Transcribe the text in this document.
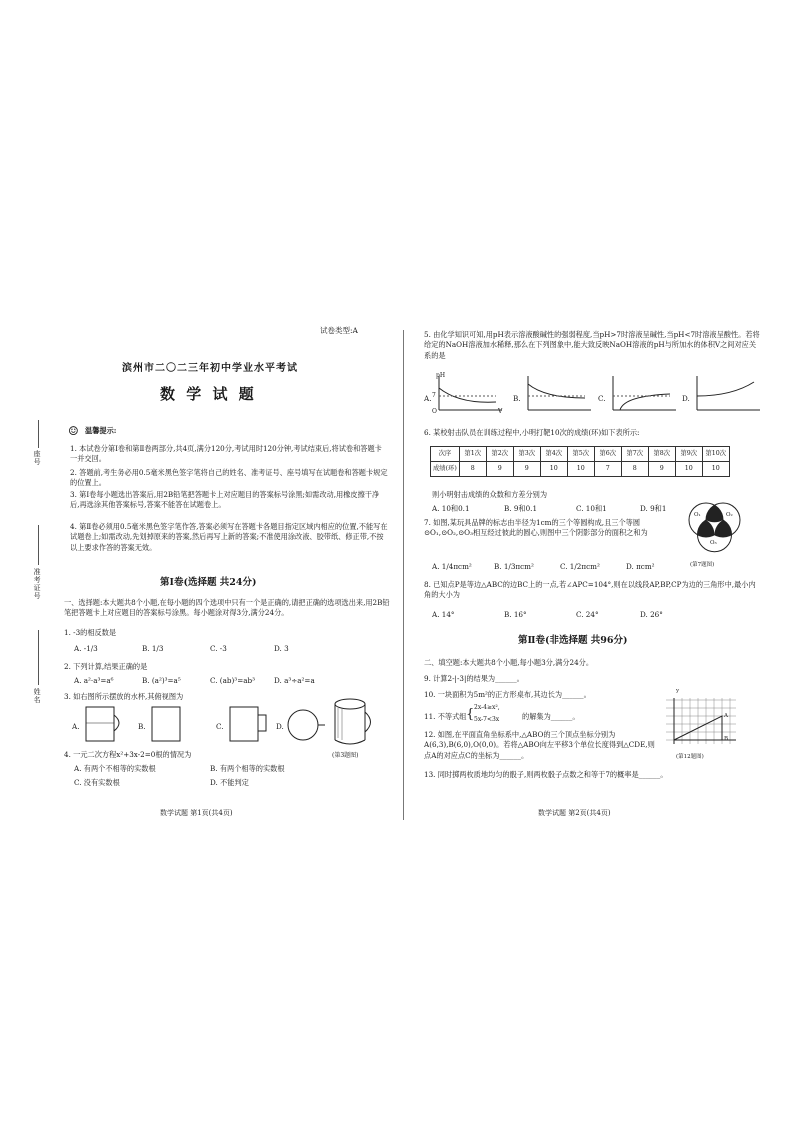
座号
准考证号
姓名
试卷类型:A
滨州市二〇二三年初中学业水平考试
数 学 试 题
☺ 温馨提示:
1. 本试卷分第Ⅰ卷和第Ⅱ卷两部分,共4页,满分120分,考试用时120分钟,考试结束后,将试卷和答题卡一并交回。
2. 答题前,考生务必用0.5毫米黑色签字笔将自己的姓名、准考证号、座号填写在试题卷和答题卡规定的位置上。
3. 第Ⅰ卷每小题选出答案后,用2B铅笔把答题卡上对应题目的答案标号涂黑;如需改动,用橡皮擦干净后,再选涂其他答案标号,答案不能答在试题卷上。
4. 第Ⅱ卷必须用0.5毫米黑色签字笔作答,答案必须写在答题卡各题目指定区域内相应的位置,不能写在试题卷上;如需改动,先划掉原来的答案,然后再写上新的答案;不准使用涂改液、胶带纸、修正带,不按以上要求作答的答案无效。
第Ⅰ卷(选择题 共24分)
一、选择题:本大题共8个小题,在每小题的四个选项中只有一个是正确的,请把正确的选项选出来,用2B铅笔把答题卡上对应题目的答案标号涂黑。每小题涂对得3分,满分24分。
1. -3的相反数是
A. -1/3	B. 1/3	C. -3	D. 3
2. 下列计算,结果正确的是
A. a²·a³=a⁶	B. (a²)³=a⁵	C. (ab)³=ab³	D. a³÷a²=a
3. 如右图所示摆放的水杯,其俯视图为
A.	B.	C.	D.
(第3题图)
4. 一元二次方程x²+3x-2=0根的情况为
A. 有两个不相等的实数根	B. 有两个相等的实数根
C. 没有实数根	D. 不能判定
数学试题 第1页(共4页)
5. 由化学知识可知,用pH表示溶液酸碱性的强弱程度,当pH>7时溶液呈碱性,当pH<7时溶液呈酸性。若将给定的NaOH溶液加水稀释,那么在下列图象中,能大致反映NaOH溶液的pH与所加水的体积V之间对应关系的是
A.	B.	C.	D.
pH
V
7
O
6. 某校射击队员在训练过程中,小明打靶10次的成绩(环)如下表所示:
次序	第1次	第2次	第3次	第4次	第5次	第6次	第7次	第8次	第9次	第10次
成绩(环)	8	9	9	10	10	7	8	9	10	10
则小明射击成绩的众数和方差分别为
A. 10和0.1	B. 9和0.1	C. 10和1	D. 9和1
7. 如图,某玩具品牌的标志由半径为1cm的三个等圆构成,且三个等圆⊙O₁,⊙O₂,⊙O₃相互经过彼此的圆心,则图中三个阴影部分的面积之和为
O₁	O₂
O₃
(第7题图)
A. 1/4πcm²	B. 1/3πcm²	C. 1/2πcm²	D. πcm²
8. 已知点P是等边△ABC的边BC上的一点,若∠APC=104°,则在以线段AP,BP,CP为边的三角形中,最小内角的大小为
A. 14°	B. 16°	C. 24°	D. 26°
第Ⅱ卷(非选择题 共96分)
二、填空题:本大题共8个小题,每小题3分,满分24分。
9. 计算2-|-3|的结果为______。
10. 一块面积为5m²的正方形桌布,其边长为______。
11. 不等式组 { 2x-4≥x²,
5x-7<3x	的解集为______。
12. 如图,在平面直角坐标系中,△ABO的三个顶点坐标分别为A(6,3),B(6,0),O(0,0)。若将△ABO向左平移3个单位长度得到△CDE,则点A的对应点C的坐标为______。
y
A
B
(第12题图)
13. 同时掷两枚质地均匀的骰子,则两枚骰子点数之和等于7的概率是______。
数学试题 第2页(共4页)
